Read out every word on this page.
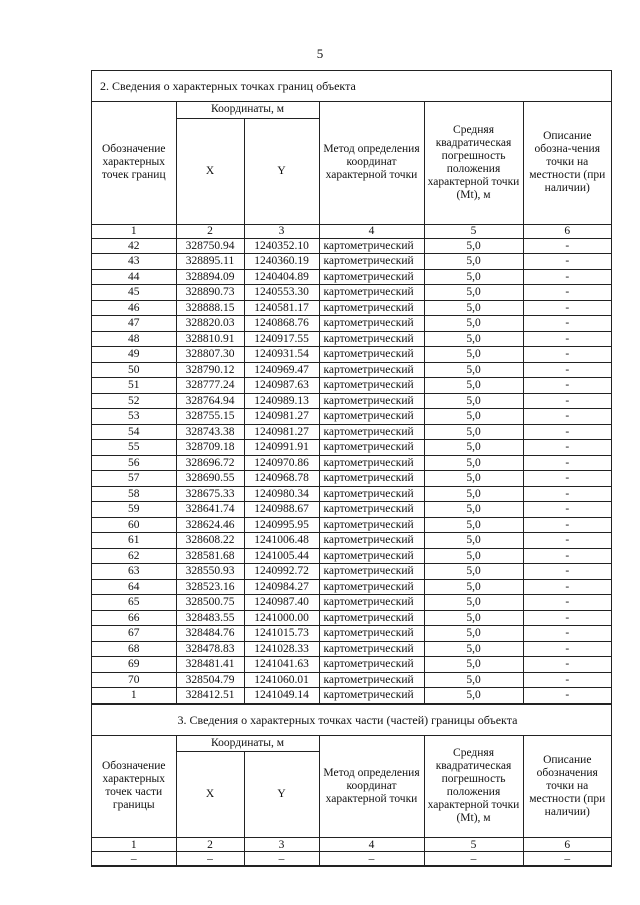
5
2. Сведения о характерных точках границ объекта
Обозначение характерных точек границ	Координаты, м		Метод определения координат характерной точки	Средняя квадратическая погрешность положения характерной точки (Mt), м	Описание обозна-чения точки на местности (при наличии)
	X	Y			
1	2	3	4	5	6
42	328750.94	1240352.10	картометрический	5,0	-
43	328895.11	1240360.19	картометрический	5,0	-
44	328894.09	1240404.89	картометрический	5,0	-
45	328890.73	1240553.30	картометрический	5,0	-
46	328888.15	1240581.17	картометрический	5,0	-
47	328820.03	1240868.76	картометрический	5,0	-
48	328810.91	1240917.55	картометрический	5,0	-
49	328807.30	1240931.54	картометрический	5,0	-
50	328790.12	1240969.47	картометрический	5,0	-
51	328777.24	1240987.63	картометрический	5,0	-
52	328764.94	1240989.13	картометрический	5,0	-
53	328755.15	1240981.27	картометрический	5,0	-
54	328743.38	1240981.27	картометрический	5,0	-
55	328709.18	1240991.91	картометрический	5,0	-
56	328696.72	1240970.86	картометрический	5,0	-
57	328690.55	1240968.78	картометрический	5,0	-
58	328675.33	1240980.34	картометрический	5,0	-
59	328641.74	1240988.67	картометрический	5,0	-
60	328624.46	1240995.95	картометрический	5,0	-
61	328608.22	1241006.48	картометрический	5,0	-
62	328581.68	1241005.44	картометрический	5,0	-
63	328550.93	1240992.72	картометрический	5,0	-
64	328523.16	1240984.27	картометрический	5,0	-
65	328500.75	1240987.40	картометрический	5,0	-
66	328483.55	1241000.00	картометрический	5,0	-
67	328484.76	1241015.73	картометрический	5,0	-
68	328478.83	1241028.33	картометрический	5,0	-
69	328481.41	1241041.63	картометрический	5,0	-
70	328504.79	1241060.01	картометрический	5,0	-
1	328412.51	1241049.14	картометрический	5,0	-
3. Сведения о характерных точках части (частей) границы объекта
Обозначение характерных точек части границы	Координаты, м		Метод определения координат характерной точки	Средняя квадратическая погрешность положения характерной точки (Mt), м	Описание обозначения точки на местности (при наличии)
	X	Y			
1	2	3	4	5	6
–	–	–	–	–	–
